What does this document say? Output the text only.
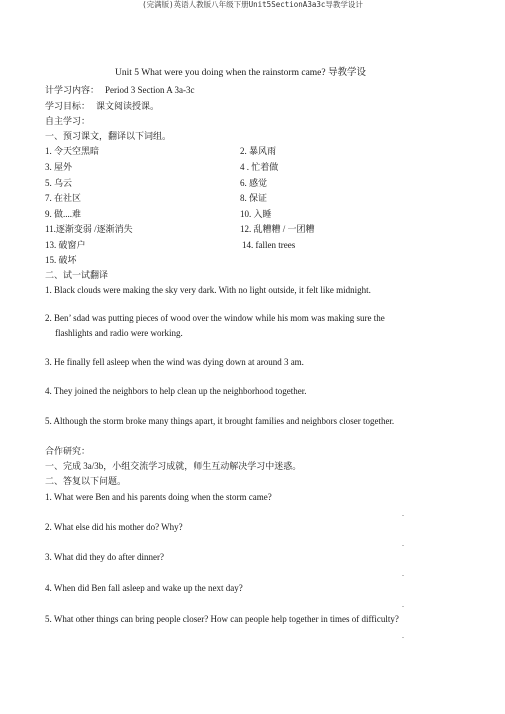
(完满版)英语人教版八年级下册Unit5SectionA3a3c导教学设计
Unit 5 What were you doing when the rainstorm came? 导教学设
计学习内容： Period 3 Section A 3a-3c
学习目标： 课文阅读授课。
自主学习：
一、预习课文，翻译以下词组。
1. 令天空黑暗	2. 暴风雨
3. 屋外	4 . 忙着做
5. 乌云	6. 感觉
7. 在社区	8. 保证
9. 做....难	10. 入睡
11.逐渐变弱 /逐渐消失	12. 乱糟糟 / 一团糟
13. 破窗户	14. fallen trees
15. 破坏
二、试一试翻译
1. Black clouds were making the sky very dark. With no light outside, it felt like midnight.
2. Ben’ sdad was putting pieces of wood over the window while his mom was making sure the
flashlights and radio were working.
3. He finally fell asleep when the wind was dying down at around 3 am.
4. They joined the neighbors to help clean up the neighborhood together.
5. Although the storm broke many things apart, it brought families and neighbors closer together.
合作研究：
一、完成 3a/3b，小组交流学习成就，师生互动解决学习中迷惑。
二、答复以下问题。
1. What were Ben and his parents doing when the storm came?
.
2. What else did his mother do? Why?
.
3. What did they do after dinner?
.
4. When did Ben fall asleep and wake up the next day?
.
5. What other things can bring people closer? How can people help together in times of difficulty?
.
